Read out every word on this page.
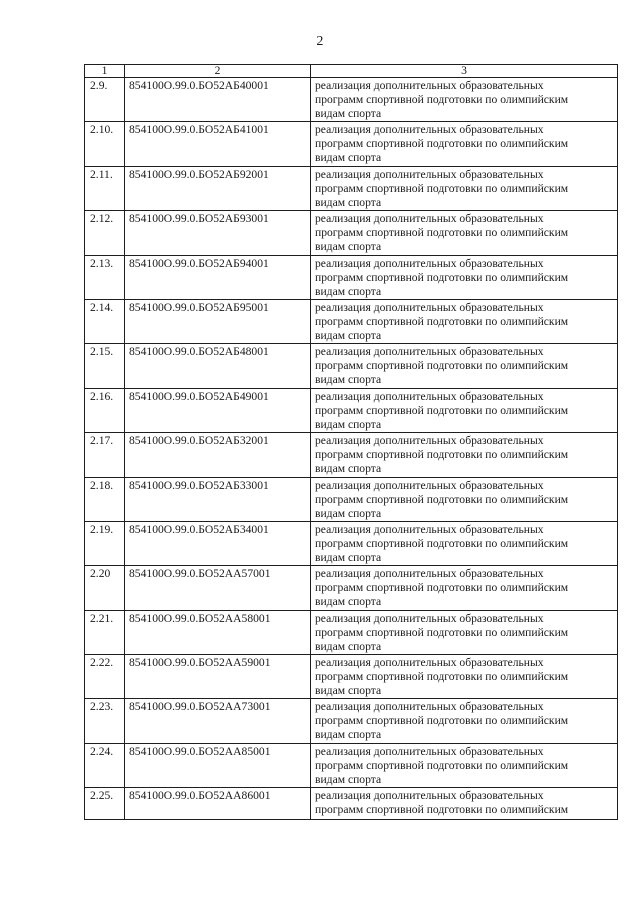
2
1	2	3
2.9.	854100О.99.0.БО52АБ40001	реализация дополнительных образовательных
программ спортивной подготовки по олимпийским
видам спорта

2.10.	854100О.99.0.БО52АБ41001	реализация дополнительных образовательных
программ спортивной подготовки по олимпийским
видам спорта

2.11.	854100О.99.0.БО52АБ92001	реализация дополнительных образовательных
программ спортивной подготовки по олимпийским
видам спорта

2.12.	854100О.99.0.БО52АБ93001	реализация дополнительных образовательных
программ спортивной подготовки по олимпийским
видам спорта

2.13.	854100О.99.0.БО52АБ94001	реализация дополнительных образовательных
программ спортивной подготовки по олимпийским
видам спорта

2.14.	854100О.99.0.БО52АБ95001	реализация дополнительных образовательных
программ спортивной подготовки по олимпийским
видам спорта

2.15.	854100О.99.0.БО52АБ48001	реализация дополнительных образовательных
программ спортивной подготовки по олимпийским
видам спорта

2.16.	854100О.99.0.БО52АБ49001	реализация дополнительных образовательных
программ спортивной подготовки по олимпийским
видам спорта

2.17.	854100О.99.0.БО52АБ32001	реализация дополнительных образовательных
программ спортивной подготовки по олимпийским
видам спорта

2.18.	854100О.99.0.БО52АБ33001	реализация дополнительных образовательных
программ спортивной подготовки по олимпийским
видам спорта

2.19.	854100О.99.0.БО52АБ34001	реализация дополнительных образовательных
программ спортивной подготовки по олимпийским
видам спорта

2.20	854100О.99.0.БО52АА57001	реализация дополнительных образовательных
программ спортивной подготовки по олимпийским
видам спорта

2.21.	854100О.99.0.БО52АА58001	реализация дополнительных образовательных
программ спортивной подготовки по олимпийским
видам спорта

2.22.	854100О.99.0.БО52АА59001	реализация дополнительных образовательных
программ спортивной подготовки по олимпийским
видам спорта

2.23.	854100О.99.0.БО52АА73001	реализация дополнительных образовательных
программ спортивной подготовки по олимпийским
видам спорта

2.24.	854100О.99.0.БО52АА85001	реализация дополнительных образовательных
программ спортивной подготовки по олимпийским
видам спорта

2.25.	854100О.99.0.БО52АА86001	реализация дополнительных образовательных
программ спортивной подготовки по олимпийским
